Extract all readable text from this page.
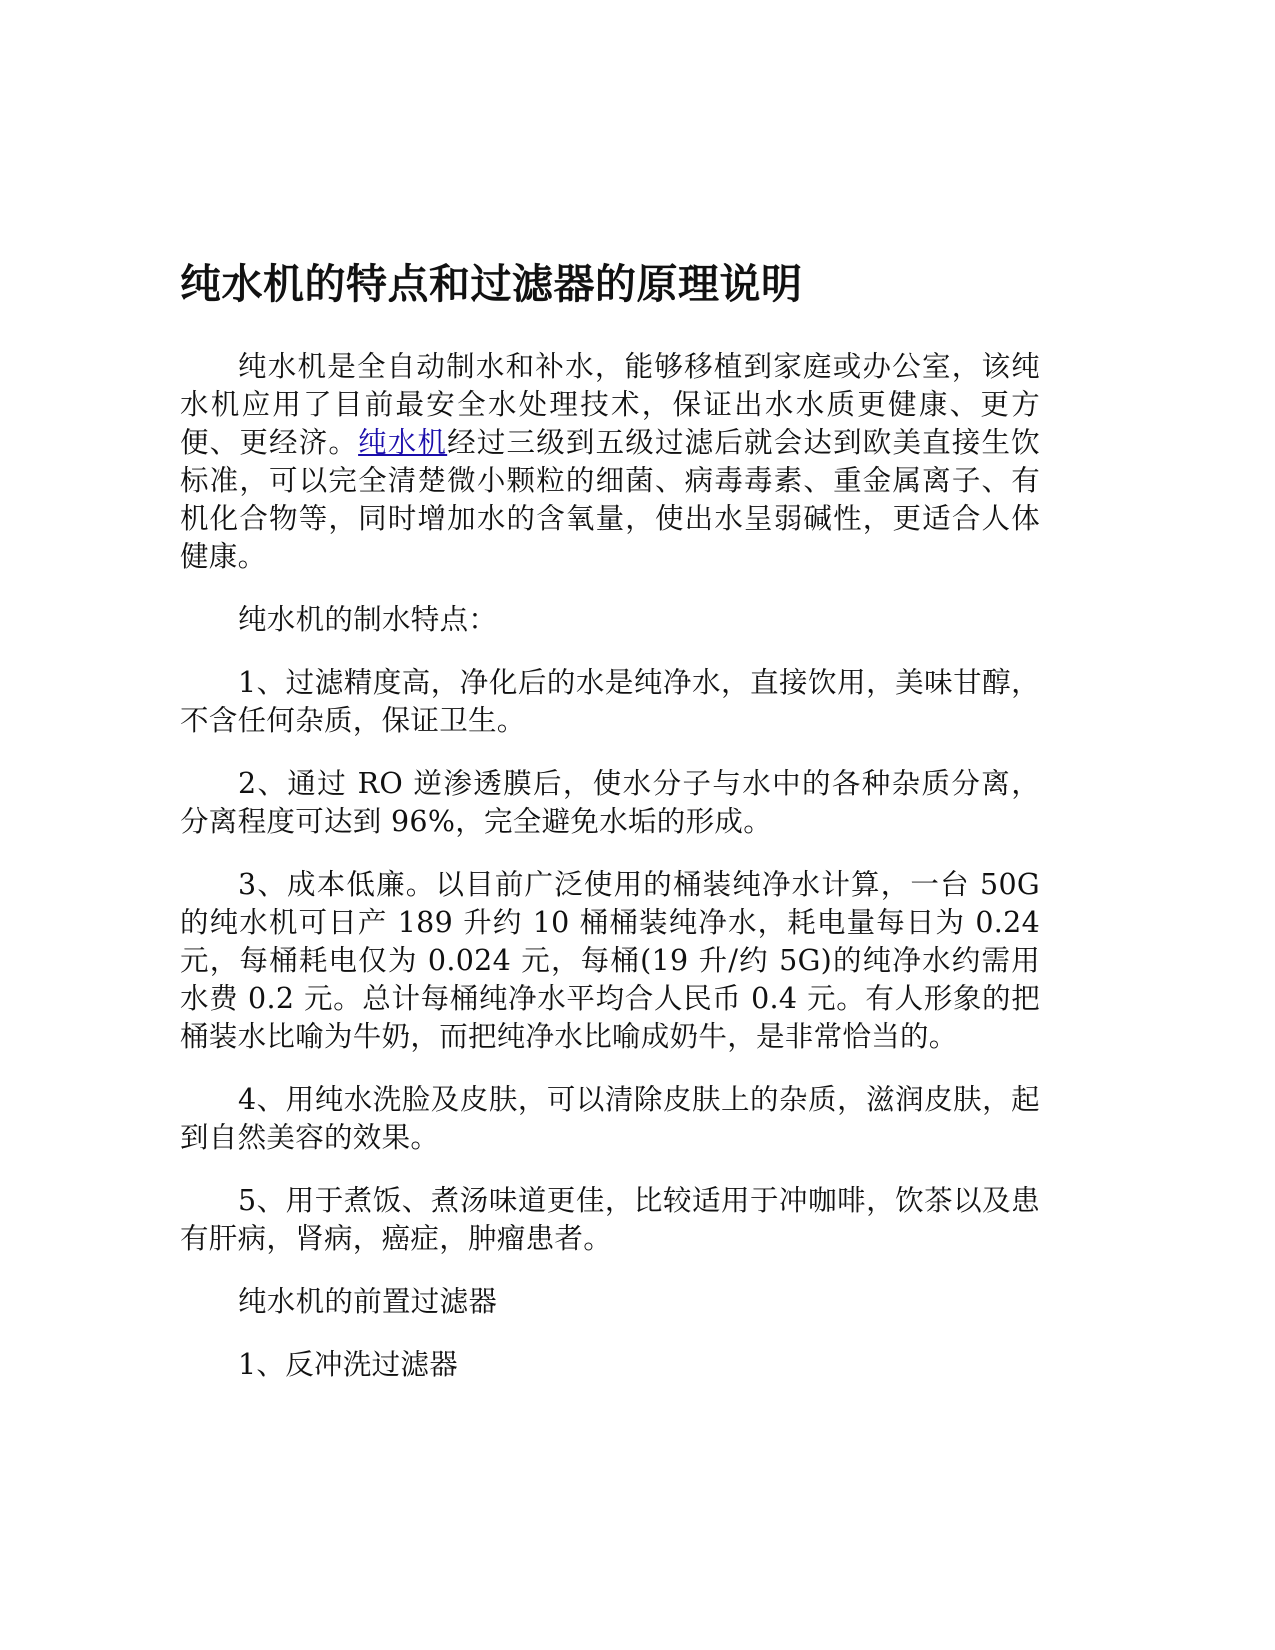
纯水机的特点和过滤器的原理说明

纯水机是全自动制水和补水，能够移植到家庭或办公室，该纯水机应用了目前最安全水处理技术，保证出水水质更健康、更方便、更经济。纯水机经过三级到五级过滤后就会达到欧美直接生饮标准，可以完全清楚微小颗粒的细菌、病毒毒素、重金属离子、有机化合物等，同时增加水的含氧量，使出水呈弱碱性，更适合人体健康。

纯水机的制水特点：

1、过滤精度高，净化后的水是纯净水，直接饮用，美味甘醇，不含任何杂质，保证卫生。

2、通过 RO 逆渗透膜后，使水分子与水中的各种杂质分离，分离程度可达到 96%，完全避免水垢的形成。

3、成本低廉。以目前广泛使用的桶装纯净水计算，一台 50G 的纯水机可日产 189 升约 10 桶桶装纯净水，耗电量每日为 0.24 元，每桶耗电仅为 0.024 元，每桶(19 升/约 5G)的纯净水约需用水费 0.2 元。总计每桶纯净水平均合人民币 0.4 元。有人形象的把桶装水比喻为牛奶，而把纯净水比喻成奶牛，是非常恰当的。

4、用纯水洗脸及皮肤，可以清除皮肤上的杂质，滋润皮肤，起到自然美容的效果。

5、用于煮饭、煮汤味道更佳，比较适用于冲咖啡，饮茶以及患有肝病，肾病，癌症，肿瘤患者。

纯水机的前置过滤器

1、反冲洗过滤器
